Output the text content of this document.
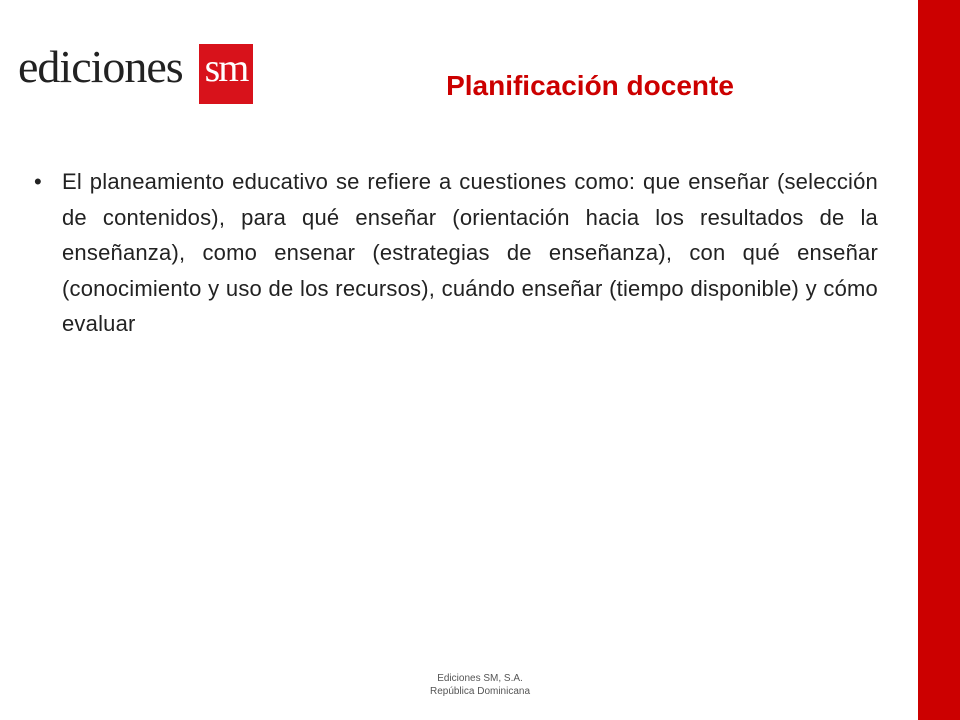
ediciones sm	Planificación docente
• El planeamiento educativo se refiere a cuestiones como: que enseñar (selección de contenidos), para qué enseñar (orientación hacia los resultados de la enseñanza), como ensenar (estrategias de enseñanza), con qué enseñar (conocimiento y uso de los recursos), cuándo enseñar (tiempo disponible) y cómo evaluar
Ediciones SM, S.A.
República Dominicana
